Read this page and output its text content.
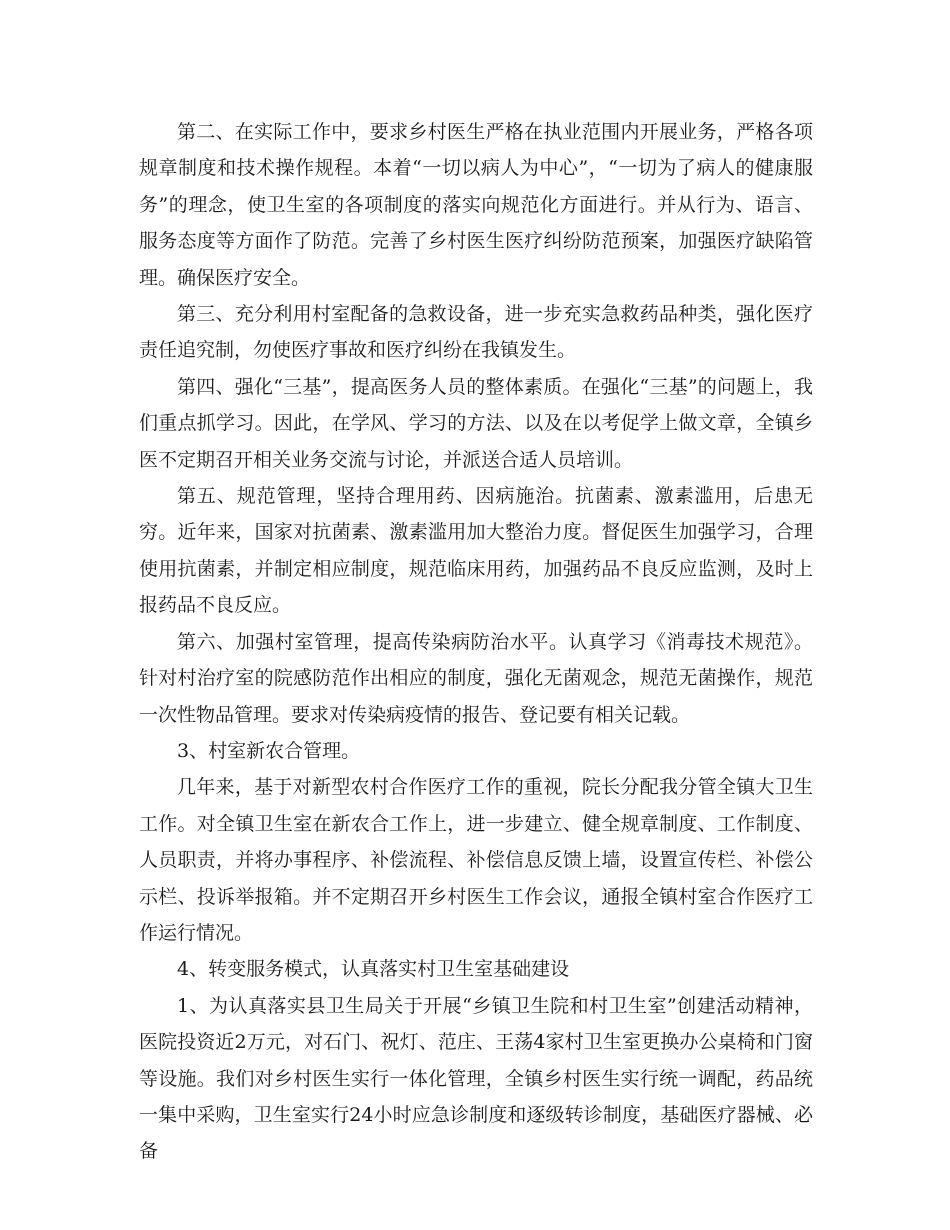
第二、在实际工作中，要求乡村医生严格在执业范围内开展业务，严格各项规章制度和技术操作规程。本着“一切以病人为中心”，“一切为了病人的健康服务”的理念，使卫生室的各项制度的落实向规范化方面进行。并从行为、语言、服务态度等方面作了防范。完善了乡村医生医疗纠纷防范预案，加强医疗缺陷管理。确保医疗安全。

第三、充分利用村室配备的急救设备，进一步充实急救药品种类，强化医疗责任追究制，勿使医疗事故和医疗纠纷在我镇发生。

第四、强化“三基”，提高医务人员的整体素质。在强化“三基”的问题上，我们重点抓学习。因此，在学风、学习的方法、以及在以考促学上做文章，全镇乡医不定期召开相关业务交流与讨论，并派送合适人员培训。

第五、规范管理，坚持合理用药、因病施治。抗菌素、激素滥用，后患无穷。近年来，国家对抗菌素、激素滥用加大整治力度。督促医生加强学习，合理使用抗菌素，并制定相应制度，规范临床用药，加强药品不良反应监测，及时上报药品不良反应。

第六、加强村室管理，提高传染病防治水平。认真学习《消毒技术规范》。针对村治疗室的院感防范作出相应的制度，强化无菌观念，规范无菌操作，规范一次性物品管理。要求对传染病疫情的报告、登记要有相关记载。

3、村室新农合管理。

几年来，基于对新型农村合作医疗工作的重视，院长分配我分管全镇大卫生工作。对全镇卫生室在新农合工作上，进一步建立、健全规章制度、工作制度、人员职责，并将办事程序、补偿流程、补偿信息反馈上墙，设置宣传栏、补偿公示栏、投诉举报箱。并不定期召开乡村医生工作会议，通报全镇村室合作医疗工作运行情况。

4、转变服务模式，认真落实村卫生室基础建设

1、为认真落实县卫生局关于开展“乡镇卫生院和村卫生室”创建活动精神，医院投资近2万元，对石门、祝灯、范庄、王荡4家村卫生室更换办公桌椅和门窗等设施。我们对乡村医生实行一体化管理，全镇乡村医生实行统一调配，药品统一集中采购，卫生室实行24小时应急诊制度和逐级转诊制度，基础医疗器械、必备
